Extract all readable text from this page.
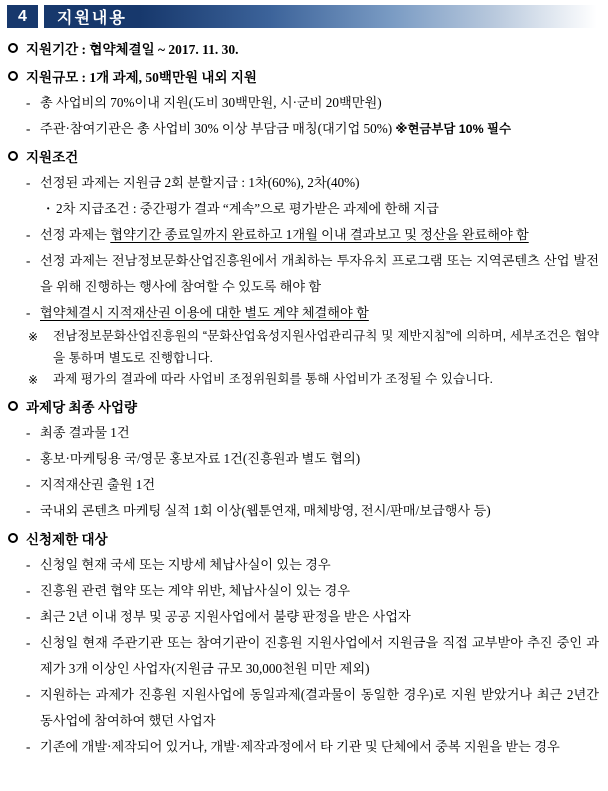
4	지원내용
지원기간 : 협약체결일 ~ 2017. 11. 30.
지원규모 : 1개 과제, 50백만원 내외 지원
- 총 사업비의 70%이내 지원(도비 30백만원, 시·군비 20백만원)
- 주관·참여기관은 총 사업비 30% 이상 부담금 매칭(대기업 50%) ※현금부담 10% 필수
지원조건
- 선정된 과제는 지원금 2회 분할지급 : 1차(60%), 2차(40%)
· 2차 지급조건 : 중간평가 결과 “계속”으로 평가받은 과제에 한해 지급
- 선정 과제는 협약기간 종료일까지 완료하고 1개월 이내 결과보고 및 정산을 완료해야 함
- 선정 과제는 전남정보문화산업진흥원에서 개최하는 투자유치 프로그램 또는 지역콘텐츠 산업 발전을 위해 진행하는 행사에 참여할 수 있도록 해야 함
- 협약체결시 지적재산권 이용에 대한 별도 계약 체결해야 함
※	전남정보문화산업진흥원의 “문화산업육성지원사업관리규칙 및 제반지침”에 의하며, 세부조건은 협약을 통하며 별도로 진행합니다.
※	과제 평가의 결과에 따라 사업비 조정위원회를 통해 사업비가 조정될 수 있습니다.
과제당 최종 사업량
- 최종 결과물 1건
- 홍보·마케팅용 국/영문 홍보자료 1건(진흥원과 별도 협의)
- 지적재산권 출원 1건
- 국내외 콘텐츠 마케팅 실적 1회 이상(웹툰연재, 매체방영, 전시/판매/보급행사 등)
신청제한 대상
- 신청일 현재 국세 또는 지방세 체납사실이 있는 경우
- 진흥원 관련 협약 또는 계약 위반, 체납사실이 있는 경우
- 최근 2년 이내 정부 및 공공 지원사업에서 불량 판정을 받은 사업자
- 신청일 현재 주관기관 또는 참여기관이 진흥원 지원사업에서 지원금을 직접 교부받아 추진 중인 과제가 3개 이상인 사업자(지원금 규모 30,000천원 미만 제외)
- 지원하는 과제가 진흥원 지원사업에 동일과제(결과물이 동일한 경우)로 지원 받았거나 최근 2년간 동사업에 참여하여 했던 사업자
- 기존에 개발·제작되어 있거나, 개발·제작과정에서 타 기관 및 단체에서 중복 지원을 받는 경우
